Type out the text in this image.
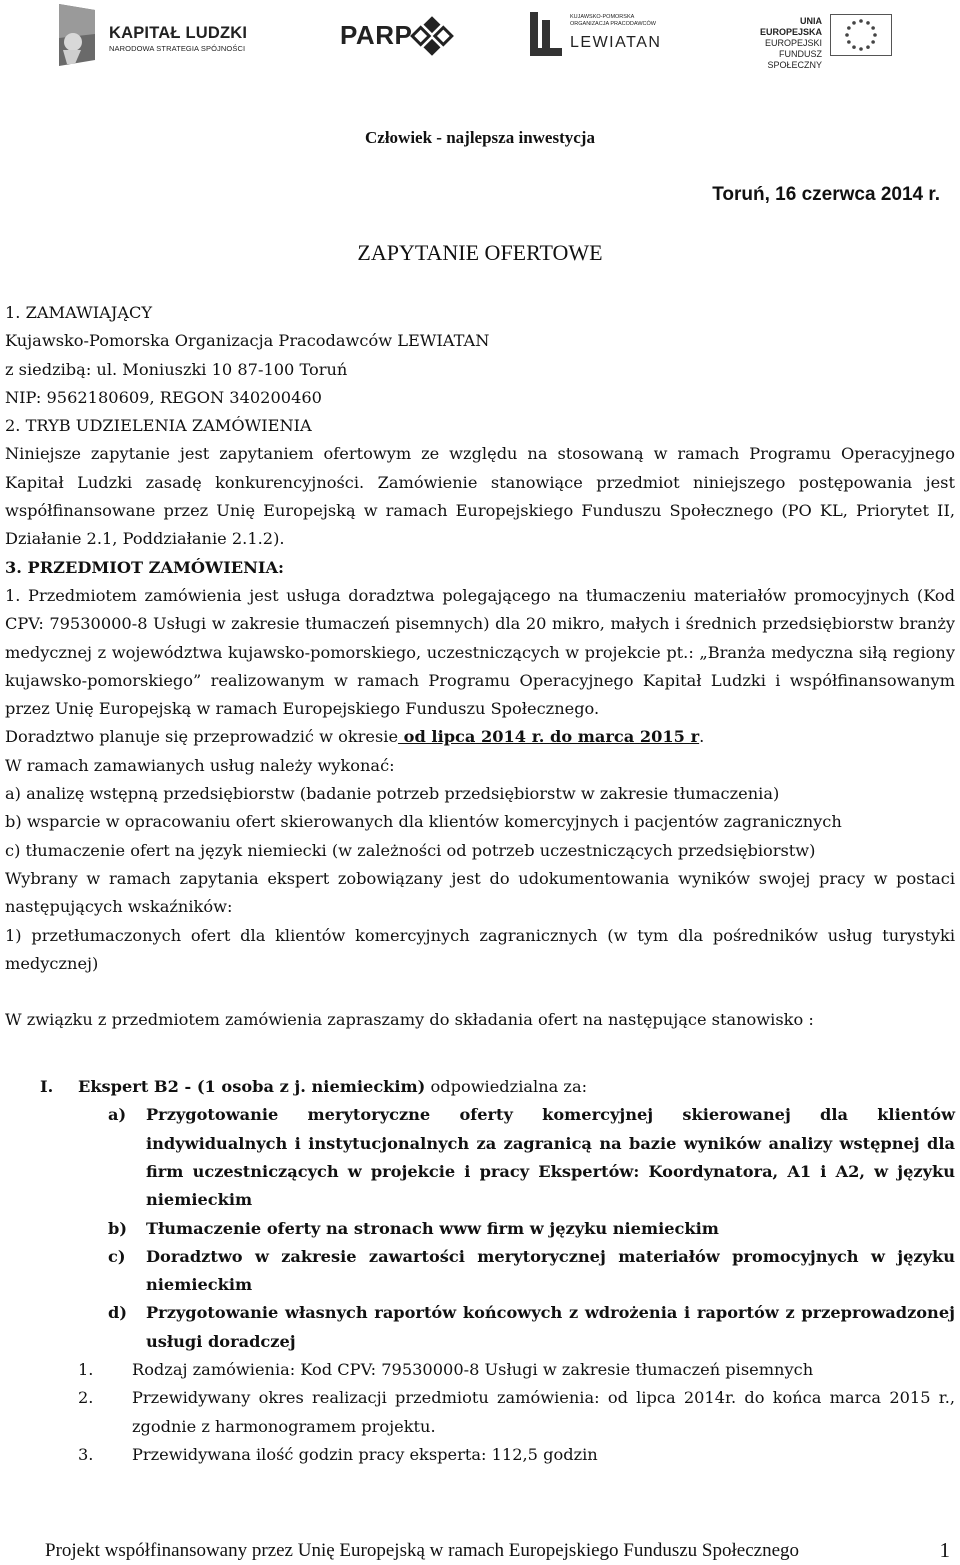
KAPITAŁ LUDZKI
NARODOWA STRATEGIA SPÓJNOŚCI	PARP
KUJAWSKO-POMORSKA ORGANIZACJA PRACODAWCÓW
LEWIATAN
UNIA EUROPEJSKA
EUROPEJSKI
FUNDUSZ SPOŁECZNY
Człowiek - najlepsza inwestycja
Toruń, 16 czerwca 2014 r.
ZAPYTANIE OFERTOWE

1. ZAMAWIAJĄCY

Kujawsko-Pomorska Organizacja Pracodawców LEWIATAN

z siedzibą: ul. Moniuszki 10 87-100 Toruń

NIP: 9562180609, REGON 340200460

2. TRYB UDZIELENIA ZAMÓWIENIA

Niniejsze zapytanie jest zapytaniem ofertowym ze względu na stosowaną w ramach Programu Operacyjnego Kapitał Ludzki zasadę konkurencyjności. Zamówienie stanowiące przedmiot niniejszego postępowania jest współfinansowane przez Unię Europejską w ramach Europejskiego Funduszu Społecznego (PO KL, Priorytet II, Działanie 2.1, Poddziałanie 2.1.2).

3. PRZEDMIOT ZAMÓWIENIA:

1. Przedmiotem zamówienia jest usługa doradztwa polegającego na tłumaczeniu materiałów promocyjnych (Kod CPV: 79530000-8 Usługi w zakresie tłumaczeń pisemnych) dla 20 mikro, małych i średnich przedsiębiorstw branży medycznej z województwa kujawsko-pomorskiego, uczestniczących w projekcie pt.: „Branża medyczna siłą regiony kujawsko-pomorskiego” realizowanym w ramach Programu Operacyjnego Kapitał Ludzki i współfinansowanym przez Unię Europejską w ramach Europejskiego Funduszu Społecznego.

Doradztwo planuje się przeprowadzić w okresie od lipca 2014 r. do marca 2015 r.

W ramach zamawianych usług należy wykonać:

a) analizę wstępną przedsiębiorstw (badanie potrzeb przedsiębiorstw w zakresie tłumaczenia)

b) wsparcie w opracowaniu ofert skierowanych dla klientów komercyjnych i pacjentów zagranicznych

c) tłumaczenie ofert na język niemiecki (w zależności od potrzeb uczestniczących przedsiębiorstw)

Wybrany w ramach zapytania ekspert zobowiązany jest do udokumentowania wyników swojej pracy w postaci następujących wskaźników:

1) przetłumaczonych ofert dla klientów komercyjnych zagranicznych (w tym dla pośredników usług turystyki medycznej)

W związku z przedmiotem zamówienia zapraszamy do składania ofert na następujące stanowisko :

I. Ekspert B2 - (1 osoba z j. niemieckim) odpowiedzialna za:

a) Przygotowanie merytoryczne oferty komercyjnej skierowanej dla klientów indywidualnych i instytucjonalnych za zagranicą na bazie wyników analizy wstępnej dla firm uczestniczących w projekcie i pracy Ekspertów: Koordynatora, A1 i A2, w języku niemieckim

b) Tłumaczenie oferty na stronach www firm w języku niemieckim

c) Doradztwo w zakresie zawartości merytorycznej materiałów promocyjnych w języku niemieckim

d) Przygotowanie własnych raportów końcowych z wdrożenia i raportów z przeprowadzonej usługi doradczej

1. Rodzaj zamówienia: Kod CPV: 79530000-8 Usługi w zakresie tłumaczeń pisemnych

2. Przewidywany okres realizacji przedmiotu zamówienia: od lipca 2014r. do końca marca 2015 r., zgodnie z harmonogramem projektu.

3. Przewidywana ilość godzin pracy eksperta: 112,5 godzin

Projekt współfinansowany przez Unię Europejską w ramach Europejskiego Funduszu Społecznego	1
